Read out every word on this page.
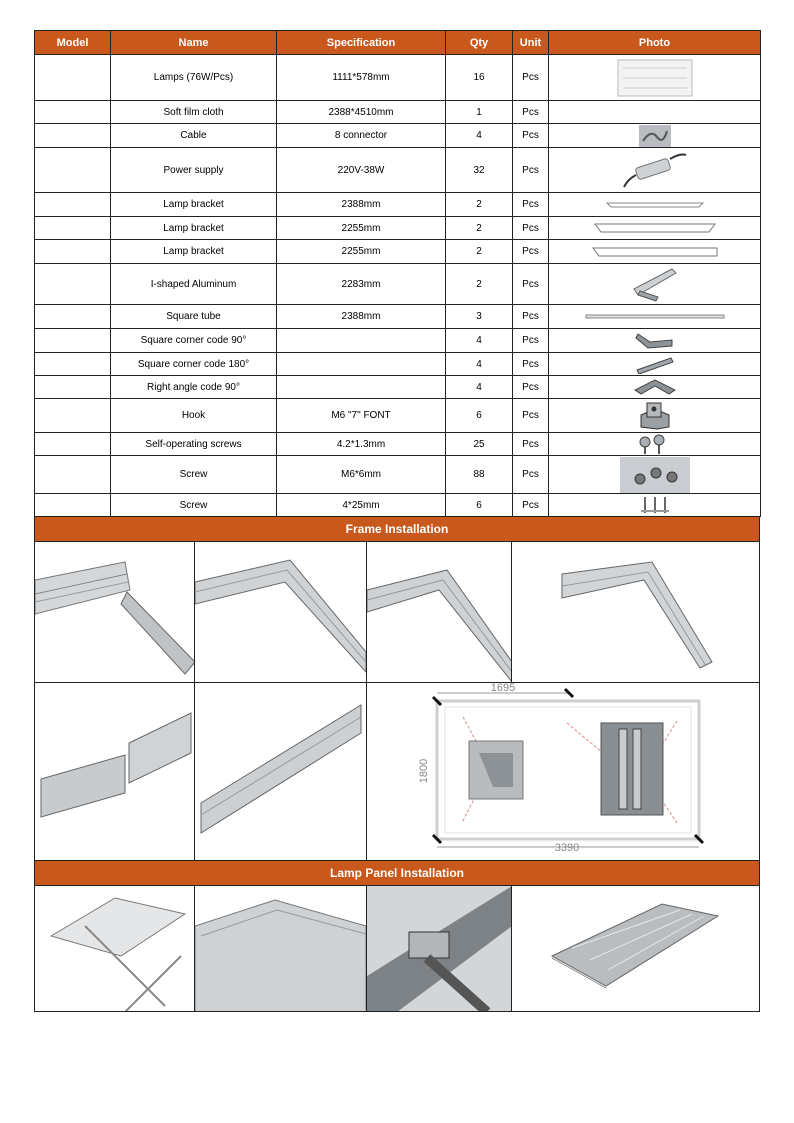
Model	Name	Specification	Qty	Unit	Photo
	Lamps (76W/Pcs)	1111*578mm	16	Pcs	

	Soft film cloth	2388*4510mm	1	Pcs	
	Cable	8 connector	4	Pcs	

	Power supply	220V-38W	32	Pcs	

	Lamp bracket	2388mm	2	Pcs	

	Lamp bracket	2255mm	2	Pcs	

	Lamp bracket	2255mm	2	Pcs	

	I-shaped Aluminum	2283mm	2	Pcs	

	Square tube	2388mm	3	Pcs	

	Square corner code 90°		4	Pcs	

	Square corner code 180°		4	Pcs	

	Right angle code 90°		4	Pcs	

	Hook	M6 "7" FONT	6	Pcs	

	Self-operating screws	4.2*1.3mm	25	Pcs	

	Screw	M6*6mm	88	Pcs	

	Screw	4*25mm	6	Pcs	
Frame Installation
1695
1800
3390
Lamp Panel Installation
